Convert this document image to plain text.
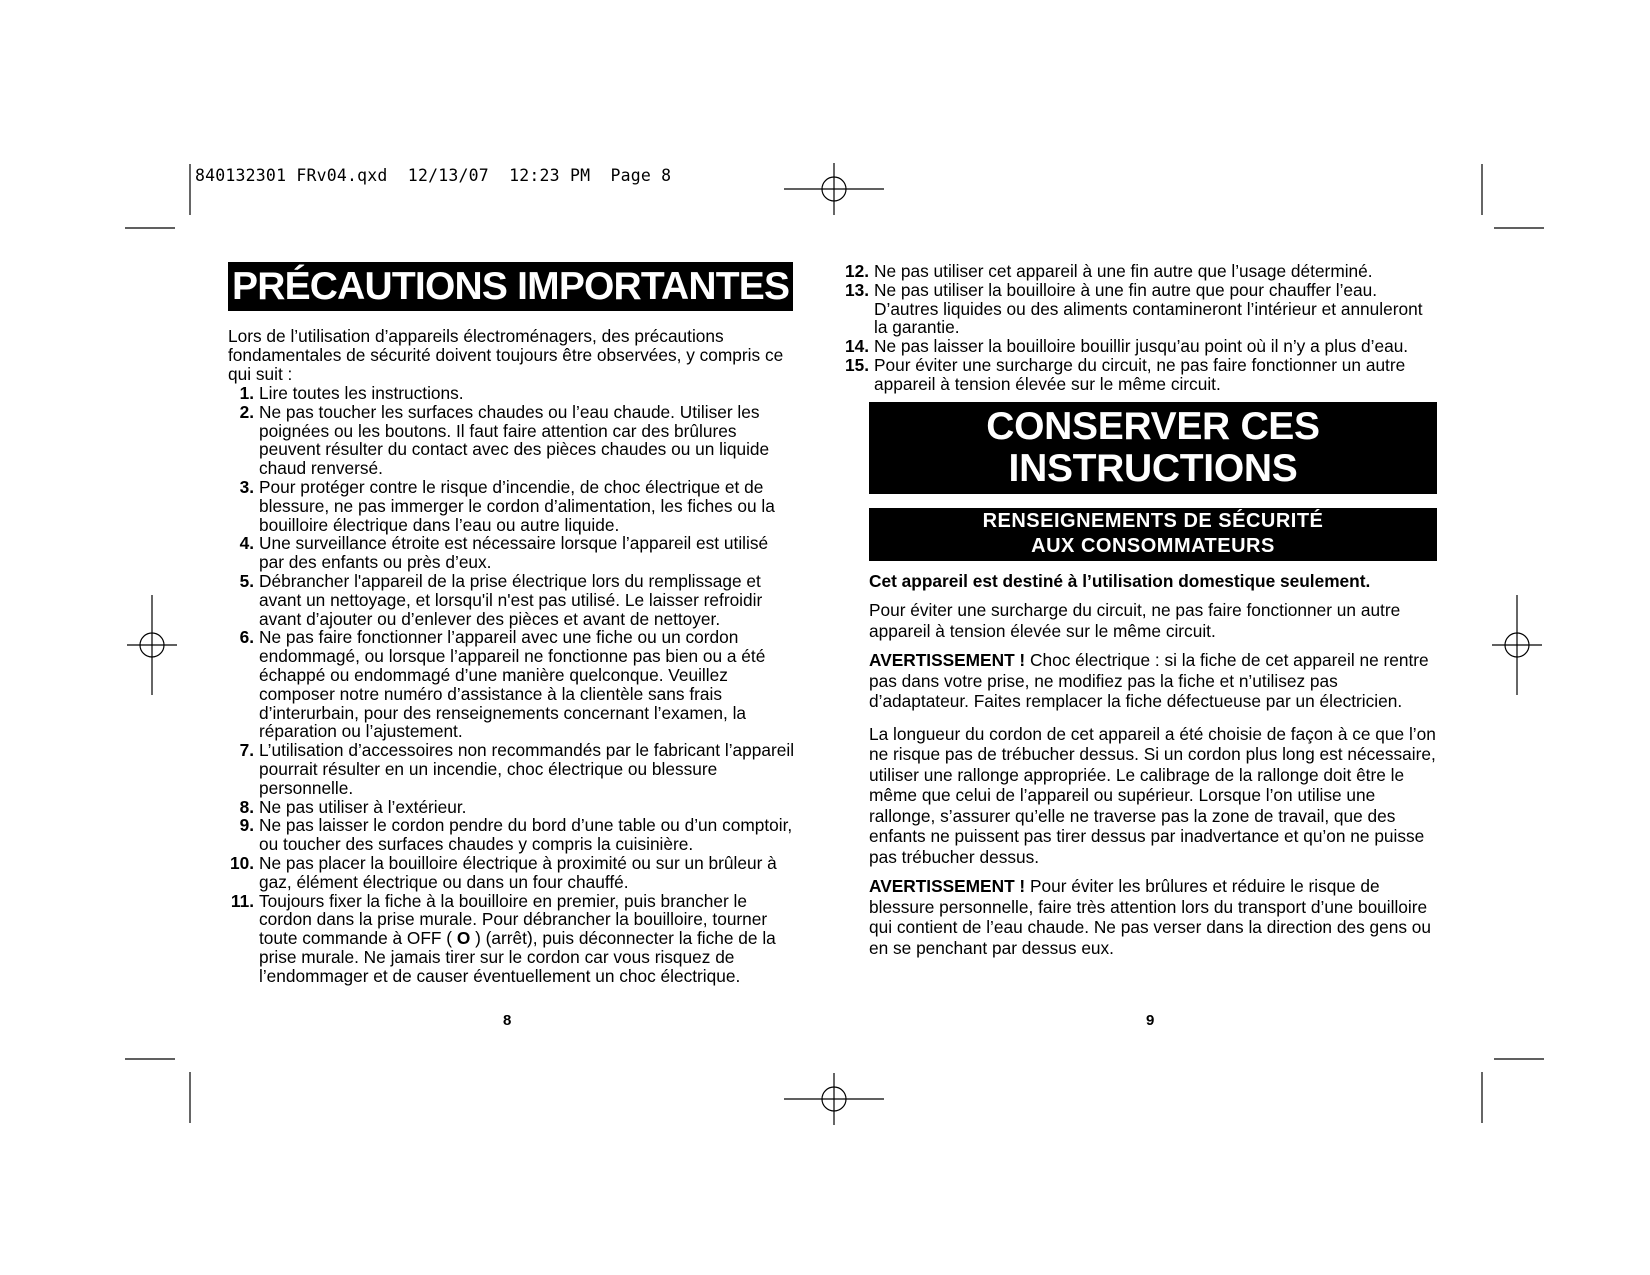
840132301 FRv04.qxd  12/13/07  12:23 PM  Page 8
PRÉCAUTIONS IMPORTANTES
Lors de l’utilisation d’appareils électroménagers, des précautions fondamentales de sécurité doivent toujours être observées, y compris ce qui suit :
1. Lire toutes les instructions.
2. Ne pas toucher les surfaces chaudes ou l’eau chaude. Utiliser les poignées ou les boutons. Il faut faire attention car des brûlures peuvent résulter du contact avec des pièces chaudes ou un liquide chaud renversé.
3. Pour protéger contre le risque d’incendie, de choc électrique et de blessure, ne pas immerger le cordon d’alimentation, les fiches ou la bouilloire électrique dans l’eau ou autre liquide.
4. Une surveillance étroite est nécessaire lorsque l’appareil est utilisé par des enfants ou près d’eux.
5. Débrancher l'appareil de la prise électrique lors du remplissage et avant un nettoyage, et lorsqu'il n'est pas utilisé. Le laisser refroidir avant d’ajouter ou d’enlever des pièces et avant de nettoyer.
6. Ne pas faire fonctionner l’appareil avec une fiche ou un cordon endommagé, ou lorsque l’appareil ne fonctionne pas bien ou a été échappé ou endommagé d’une manière quelconque. Veuillez composer notre numéro d’assistance à la clientèle sans frais d’interurbain, pour des renseignements concernant l’examen, la réparation ou l’ajustement.
7. L’utilisation d’accessoires non recommandés par le fabricant l’appareil pourrait résulter en un incendie, choc électrique ou blessure personnelle.
8. Ne pas utiliser à l’extérieur.
9. Ne pas laisser le cordon pendre du bord d’une table ou d’un comptoir, ou toucher des surfaces chaudes y compris la cuisinière.
10. Ne pas placer la bouilloire électrique à proximité ou sur un brûleur à gaz, élément électrique ou dans un four chauffé.
11. Toujours fixer la fiche à la bouilloire en premier, puis brancher le cordon dans la prise murale. Pour débrancher la bouilloire, tourner toute commande à OFF ( O ) (arrêt), puis déconnecter la fiche de la prise murale. Ne jamais tirer sur le cordon car vous risquez de l’endommager et de causer éventuellement un choc électrique.
8
12. Ne pas utiliser cet appareil à une fin autre que l’usage déterminé.
13. Ne pas utiliser la bouilloire à une fin autre que pour chauffer l’eau. D’autres liquides ou des aliments contamineront l’intérieur et annuleront la garantie.
14. Ne pas laisser la bouilloire bouillir jusqu’au point où il n’y a plus d’eau.
15. Pour éviter une surcharge du circuit, ne pas faire fonctionner un autre appareil à tension élevée sur le même circuit.
CONSERVER CES
INSTRUCTIONS
RENSEIGNEMENTS DE SÉCURITÉ
AUX CONSOMMATEURS

Cet appareil est destiné à l’utilisation domestique seulement.

Pour éviter une surcharge du circuit, ne pas faire fonctionner un autre appareil à tension élevée sur le même circuit.

AVERTISSEMENT ! Choc électrique : si la fiche de cet appareil ne rentre pas dans votre prise, ne modifiez pas la fiche et n’utilisez pas d’adaptateur. Faites remplacer la fiche défectueuse par un électricien.

La longueur du cordon de cet appareil a été choisie de façon à ce que l’on ne risque pas de trébucher dessus. Si un cordon plus long est nécessaire, utiliser une rallonge appropriée. Le calibrage de la rallonge doit être le même que celui de l’appareil ou supérieur. Lorsque l’on utilise une rallonge, s’assurer qu’elle ne traverse pas la zone de travail, que des enfants ne puissent pas tirer dessus par inadvertance et qu’on ne puisse pas trébucher dessus.

AVERTISSEMENT ! Pour éviter les brûlures et réduire le risque de blessure personnelle, faire très attention lors du transport d’une bouilloire qui contient de l’eau chaude. Ne pas verser dans la direction des gens ou en se penchant par dessus eux.

9
